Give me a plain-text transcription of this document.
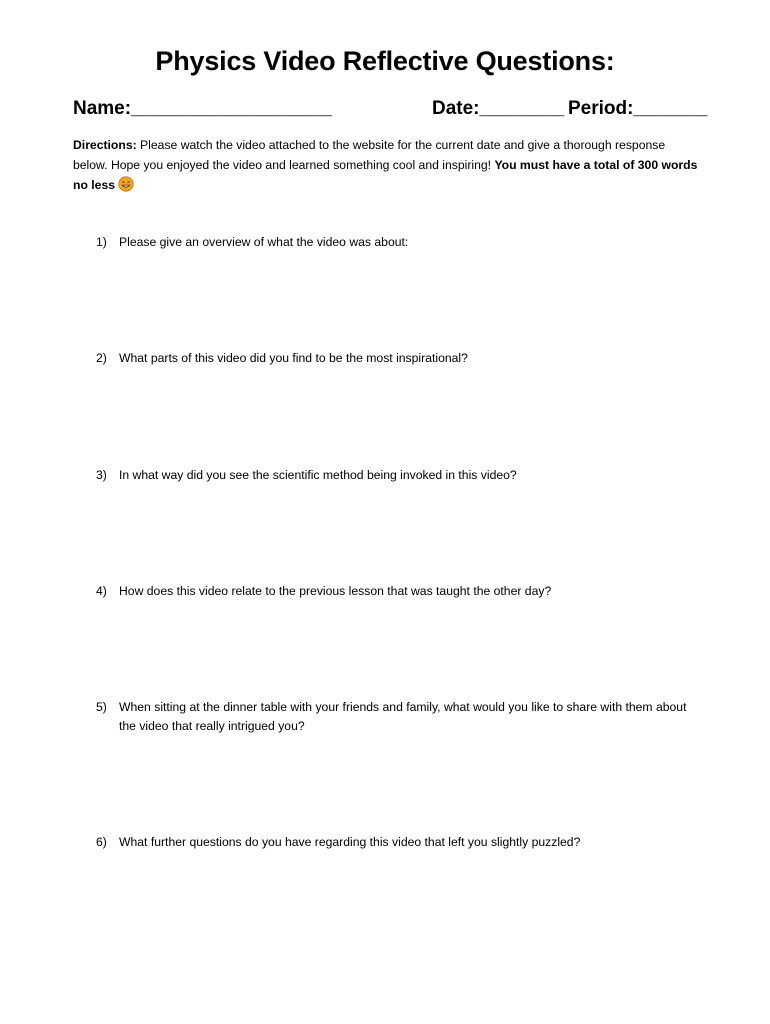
Physics Video Reflective Questions:
Name:___________________	Date:________ Period:_______
Directions: Please watch the video attached to the website for the current date and give a thorough response below. Hope you enjoyed the video and learned something cool and inspiring! You must have a total of 300 words no less
1) Please give an overview of what the video was about:
2) What parts of this video did you find to be the most inspirational?
3) In what way did you see the scientific method being invoked in this video?
4) How does this video relate to the previous lesson that was taught the other day?
5) When sitting at the dinner table with your friends and family, what would you like to share with them about the video that really intrigued you?
6) What further questions do you have regarding this video that left you slightly puzzled?
